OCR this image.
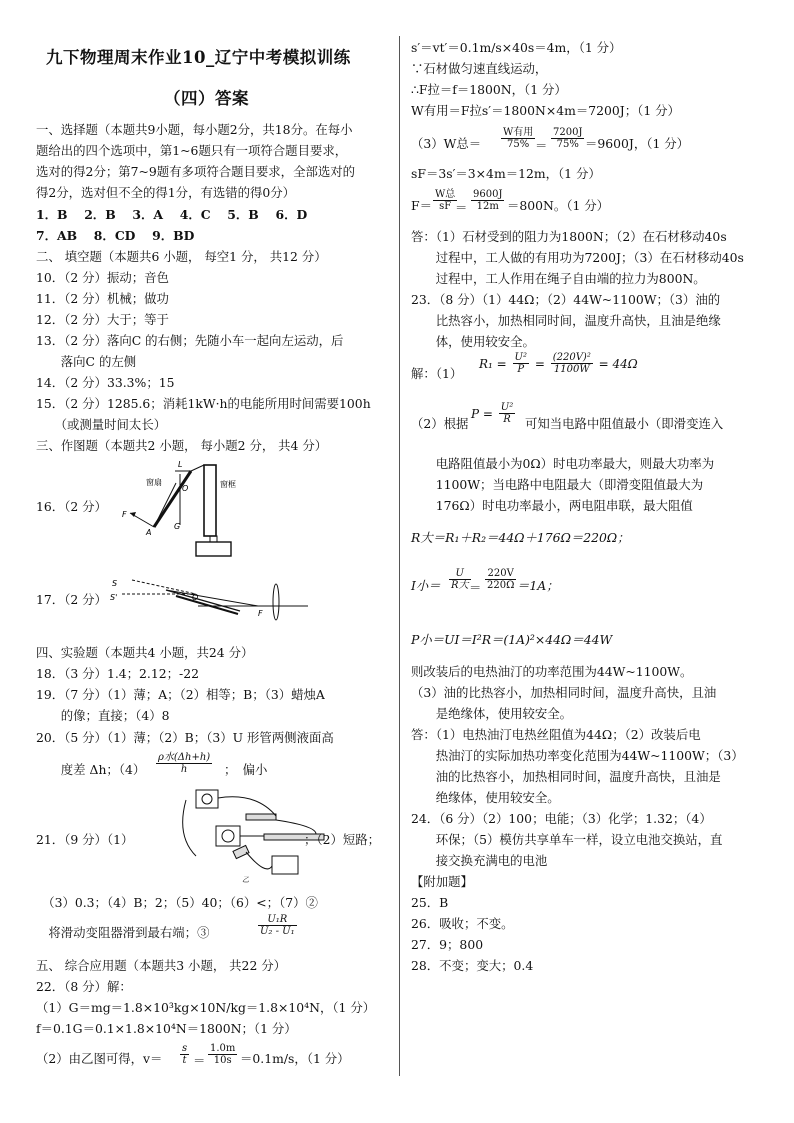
九下物理周末作业10_辽宁中考模拟训练
（四）答案
一、选择题（本题共9小题，每小题2分，共18分。在每小
题给出的四个选项中，第1~6题只有一项符合题目要求，
选对的得2分；第7~9题有多项符合题目要求，全部选对的
得2分，选对但不全的得1分，有选错的得0分）
1．B　 2．B　 3．A　 4．C　 5．B　 6．D
7．AB　 8．CD　 9．BD
二、 填空题（本题共6 小题， 每空1 分， 共12 分）
10．（2 分）振动；音色
11．（2 分）机械；做功
12．（2 分）大于；等于
13．（2 分）落向C 的右侧；先随小车一起向左运动，后
　　落向C 的左侧
14．（2 分）33.3%；15
15．（2 分）1285.6；消耗1kW·h的电能所用时间需要100h
　　（或测量时间太长）
三、作图题（本题共2 小题， 每小题2 分， 共4 分）
16．（2 分）
L
窗扇	窗框
O
G
F
A
17．（2 分）
S
S'	O
F
四、实验题（本题共4 小题，共24 分）
18．（3 分）1.4；2.12；-22
19．（7 分）（1）薄；A；（2）相等；B；（3）蜡烛A
　　的像；直接；（4）8
20．（5 分）（1）薄；（2）B；（3）U 形管两侧液面高
　　度差 Δh；（4）
ρ水(Δh+h)
h	；　偏小
21．（9 分）（1）
乙
；（2）短路；
　（3）0.3；（4）B；2；（5）40；（6）<；（7）②
　将滑动变阻器滑到最右端；③	$\frac{\text{U₁R}}{\text{U₂ - U₁}}$
五、 综合应用题（本题共3 小题， 共22 分）
22．（8 分）解：
（1）G＝mg＝1.8×10³kg×10N/kg＝1.8×10⁴N，（1 分）
f＝0.1G＝0.1×1.8×10⁴N＝1800N；（1 分）
（2）由乙图可得，$v= \frac{s}{t} = \frac{1.0m}{10s} =0.1m/s$，（1 分）
s′＝vt′＝0.1m/s×40s＝4m，（1 分）
∵石材做匀速直线运动，
∴F拉＝f＝1800N，（1 分）
W有用＝F拉s′＝1800N×4m＝7200J；（1 分）
（3）W总＝
W有用
$75\% = \frac{7200J}{75\%} =9600J$，（1 分）
sF＝3s′＝3×4m＝12m，（1 分）
F＝
W总
sF ＝ $\frac{9600J}{12m} =800N$。（1 分）
答：（1）石材受到的阻力为1800N；（2）在石材移动40s
　　过程中，工人做的有用功为7200J；（3）在石材移动40s
　　过程中，工人作用在绳子自由端的拉力为800N。
23．（8 分）（1）44Ω；（2）44W~1100W；（3）油的
　　比热容小，加热相同时间，温度升高快，且油是绝缘
　　体，使用较安全。
解：（1）
$R_1 = \frac{\text{U²}}{P} = \frac{\text{(220V)²}}{1100W} = 44\Omega$
（2）根据
$P = \frac{\text{U²}}{R}$ 可知当电路中阻值最小（即滑变连入
　　电路阻值最小为0Ω）时电功率最大，则最大功率为
　　1100W；当电路中电阻最大（即滑变阻值最大为
　　176Ω）时电功率最小，两电阻串联，最大阻值
R大＝R₁＋R₂＝44Ω＋176Ω＝220Ω；
I小＝
U
R大 ＝ $\frac{220V}{220\Omega} =1A$；
P小＝UI＝I²R＝(1A)²×44Ω＝44W
则改装后的电热油汀的功率范围为44W~1100W。
（3）油的比热容小，加热相同时间，温度升高快，且油
　　是绝缘体，使用较安全。
答：（1）电热油汀电热丝阻值为44Ω；（2）改装后电
　　热油汀的实际加热功率变化范围为44W~1100W；（3）
　　油的比热容小，加热相同时间，温度升高快，且油是
　　绝缘体，使用较安全。
24．（6 分）（2）100；电能；（3）化学；1.32；（4）
　　环保；（5）模仿共享单车一样，设立电池交换站，直
　　接交换充满电的电池
【附加题】
25．B
26．吸收；不变。
27．9；800
28．不变；变大；0.4
